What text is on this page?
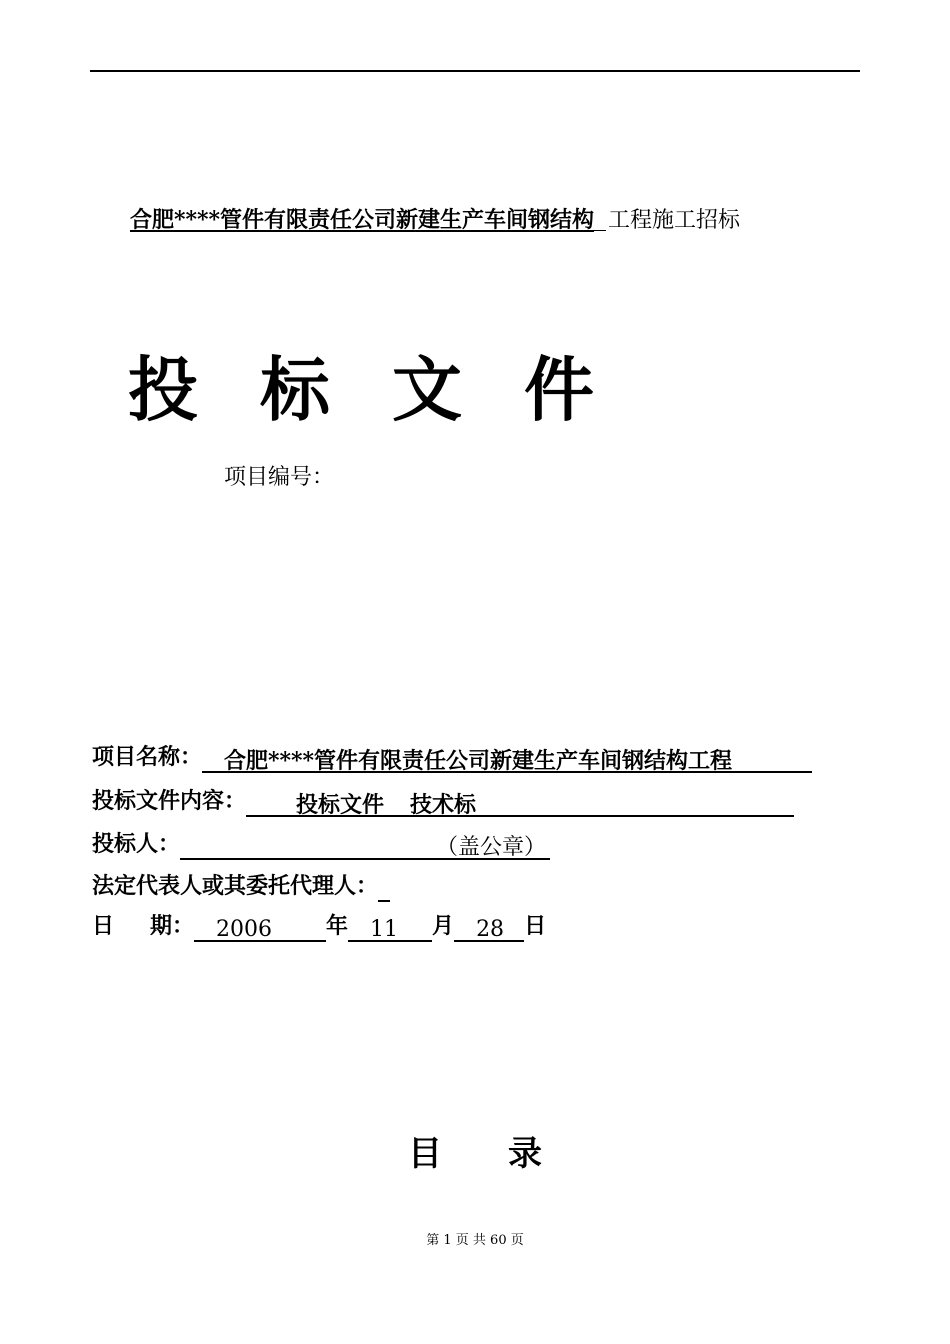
合肥****管件有限责任公司新建生产车间钢结构 工程施工招标
投 标 文 件
项目编号：
项目名称： 合肥****管件有限责任公司新建生产车间钢结构工程
投标文件内容： 投标文件 技术标
投标人：	（盖公章）
法定代表人或其委托代理人：
日 期： 2006 年 11 月 28 日
目 录
第 1 页 共 60 页
